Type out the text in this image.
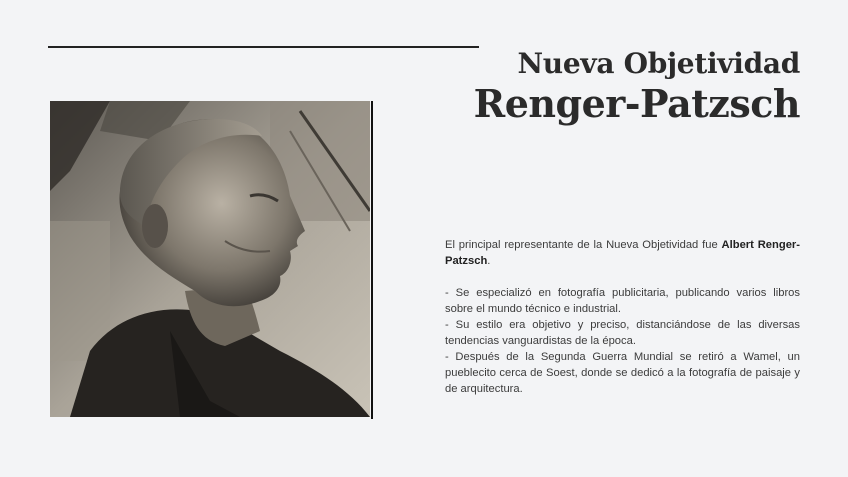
Nueva Objetividad
Renger-Patzsch

El principal representante de la Nueva Objetividad fue Albert Renger-Patzsch.

- Se especializó en fotografía publicitaria, publicando varios libros sobre el mundo técnico e industrial.

- Su estilo era objetivo y preciso, distanciándose de las diversas tendencias vanguardistas de la época.

- Después de la Segunda Guerra Mundial se retiró a Wamel, un pueblecito cerca de Soest, donde se dedicó a la fotografía de paisaje y de arquitectura.
